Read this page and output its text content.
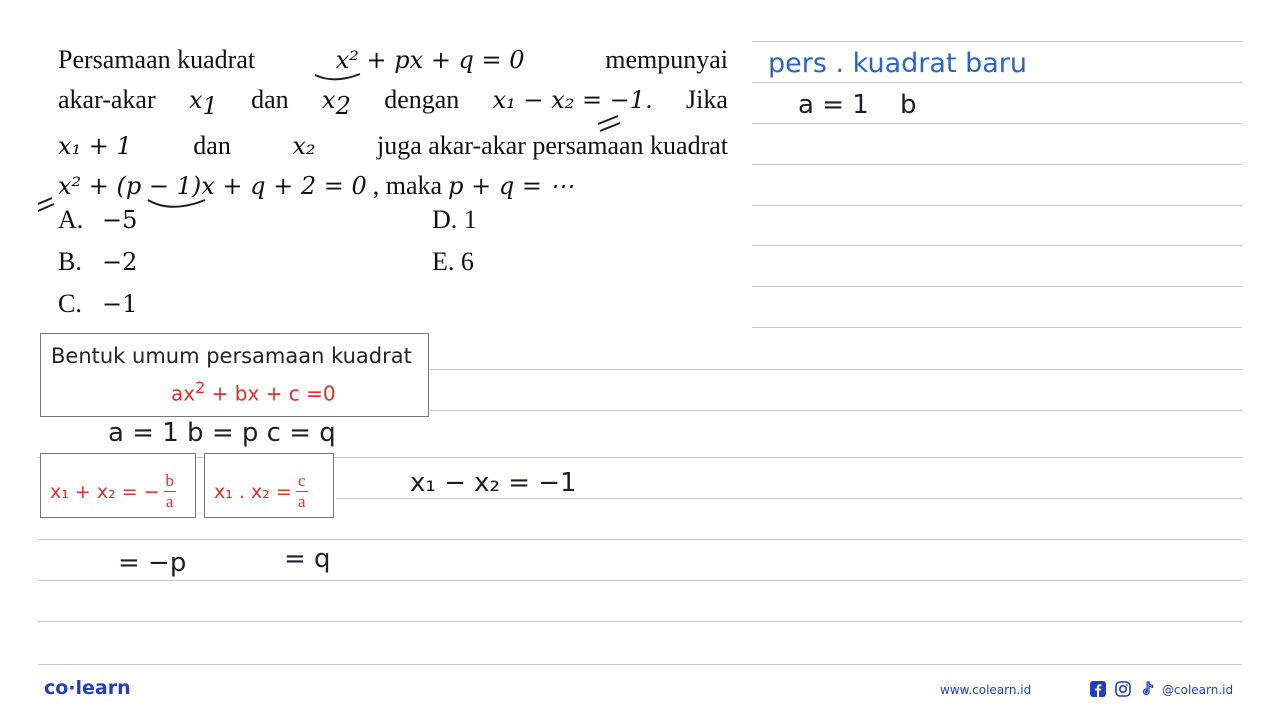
Persamaan kuadrat	x² + px + q = 0	mempunyai
akar-akar $x_1$ dan $x_2$ dengan x₁ − x₂ = −1. Jika
x₁ + 1 dan	x₂ juga akar-akar persamaan kuadrat
x² + (p − 1)x + q + 2 = 0 , maka p + q = ⋯
A. −5
B. −2
C. −1
D. 1
E. 6
Bentuk umum persamaan kuadrat
$ax^2$ + bx + c =0
x₁ + x₂ = − $\frac{b}{a} x_1$ . $x_2 = \frac{c}{a}$
pers . kuadrat baru
a = 1 b
a = 1 b = p c = q
x₁ − x₂ = −1
= −p	= q
co·learn	www.colearn.id	@colearn.id
